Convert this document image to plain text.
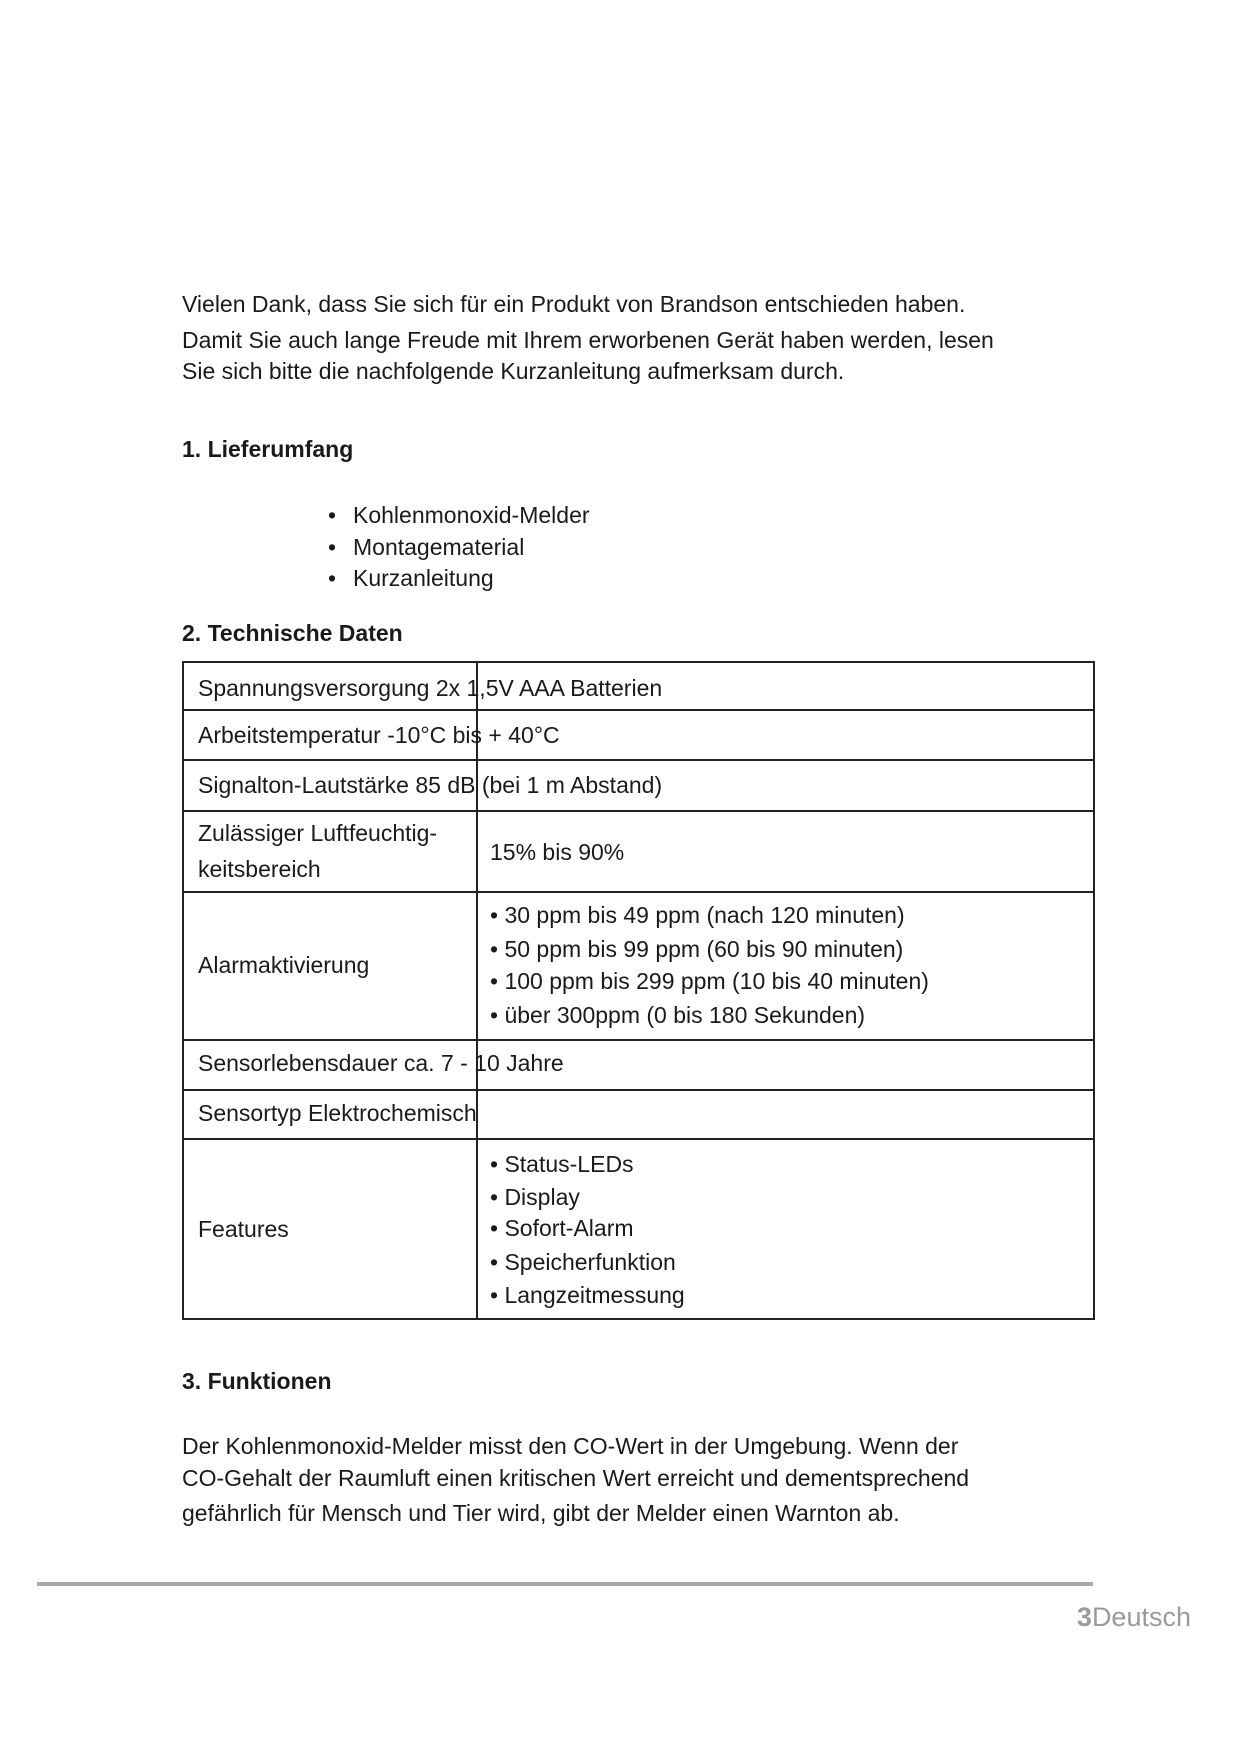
Vielen Dank, dass Sie sich für ein Produkt von Brandson entschieden haben.
Damit Sie auch lange Freude mit Ihrem erworbenen Gerät haben werden, lesen
Sie sich bitte die nachfolgende Kurzanleitung aufmerksam durch.
1. Lieferumfang
• Kohlenmonoxid-Melder
• Montagematerial
• Kurzanleitung
2. Technische Daten
Spannungsversorgung 2x 1,5V AAA Batterien
Arbeitstemperatur -10°C bis + 40°C
Signalton-Lautstärke 85 dB (bei 1 m Abstand)
Zulässiger Luftfeuchtig-
keitsbereich
15% bis 90%
Alarmaktivierung
• 30 ppm bis 49 ppm (nach 120 minuten)
• 50 ppm bis 99 ppm (60 bis 90 minuten)
• 100 ppm bis 299 ppm (10 bis 40 minuten)
• über 300ppm (0 bis 180 Sekunden)
Sensorlebensdauer ca. 7 - 10 Jahre
Sensortyp Elektrochemisch
Features
• Status-LEDs
• Display
• Sofort-Alarm
• Speicherfunktion
• Langzeitmessung
3. Funktionen
Der Kohlenmonoxid-Melder misst den CO-Wert in der Umgebung. Wenn der
CO-Gehalt der Raumluft einen kritischen Wert erreicht und dementsprechend
gefährlich für Mensch und Tier wird, gibt der Melder einen Warnton ab.
3Deutsch
